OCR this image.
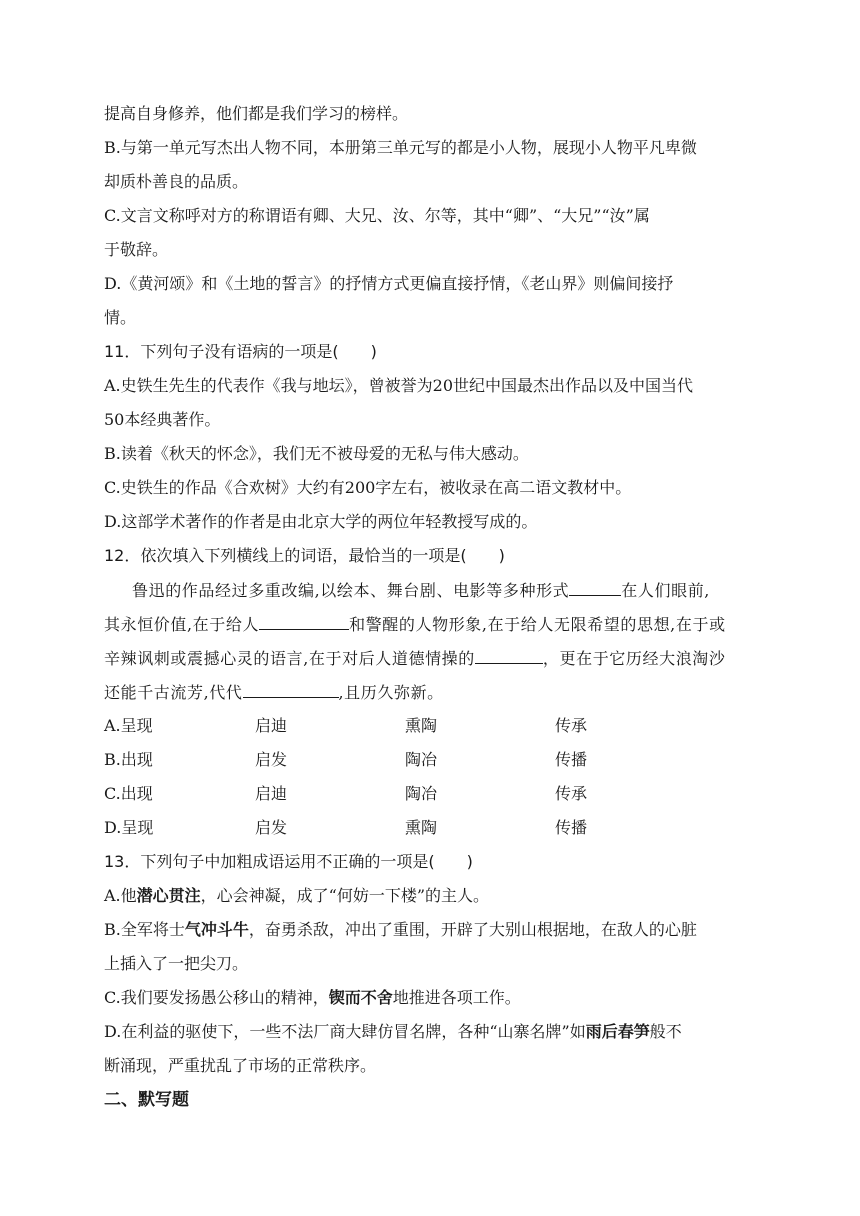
提高自身修养，他们都是我们学习的榜样。
B.与第一单元写杰出人物不同，本册第三单元写的都是小人物，展现小人物平凡卑微
却质朴善良的品质。
C.文言文称呼对方的称谓语有卿、大兄、汝、尔等，其中“卿”、“大兄”“汝”属
于敬辞。
D.《黄河颂》和《土地的誓言》的抒情方式更偏直接抒情，《老山界》则偏间接抒
情。
11．下列句子没有语病的一项是(　　)
A.史铁生先生的代表作《我与地坛》，曾被誉为20世纪中国最杰出作品以及中国当代
50本经典著作。
B.读着《秋天的怀念》，我们无不被母爱的无私与伟大感动。
C.史铁生的作品《合欢树》大约有200字左右，被收录在高二语文教材中。
D.这部学术著作的作者是由北京大学的两位年轻教授写成的。
12．依次填入下列横线上的词语，最恰当的一项是(　　)
鲁迅的作品经过多重改编,以绘本、舞台剧、电影等多种形式	在人们眼前,
其永恒价值,在于给人	和警醒的人物形象,在于给人无限希望的思想,在于或
辛辣讽刺或震撼心灵的语言,在于对后人道德情操的	，更在于它历经大浪淘沙
还能千古流芳,代代	,且历久弥新。
A.呈现	启迪	熏陶	传承
B.出现	启发	陶冶	传播
C.出现	启迪	陶冶	传承
D.呈现	启发	熏陶	传播
13．下列句子中加粗成语运用不正确的一项是(　　)
A.他潜心贯注，心会神凝，成了“何妨一下楼”的主人。
B.全军将士气冲斗牛，奋勇杀敌，冲出了重围，开辟了大别山根据地，在敌人的心脏
上插入了一把尖刀。
C.我们要发扬愚公移山的精神，锲而不舍地推进各项工作。
D.在利益的驱使下，一些不法厂商大肆仿冒名牌，各种“山寨名牌”如雨后春笋般不
断涌现，严重扰乱了市场的正常秩序。
二、默写题
